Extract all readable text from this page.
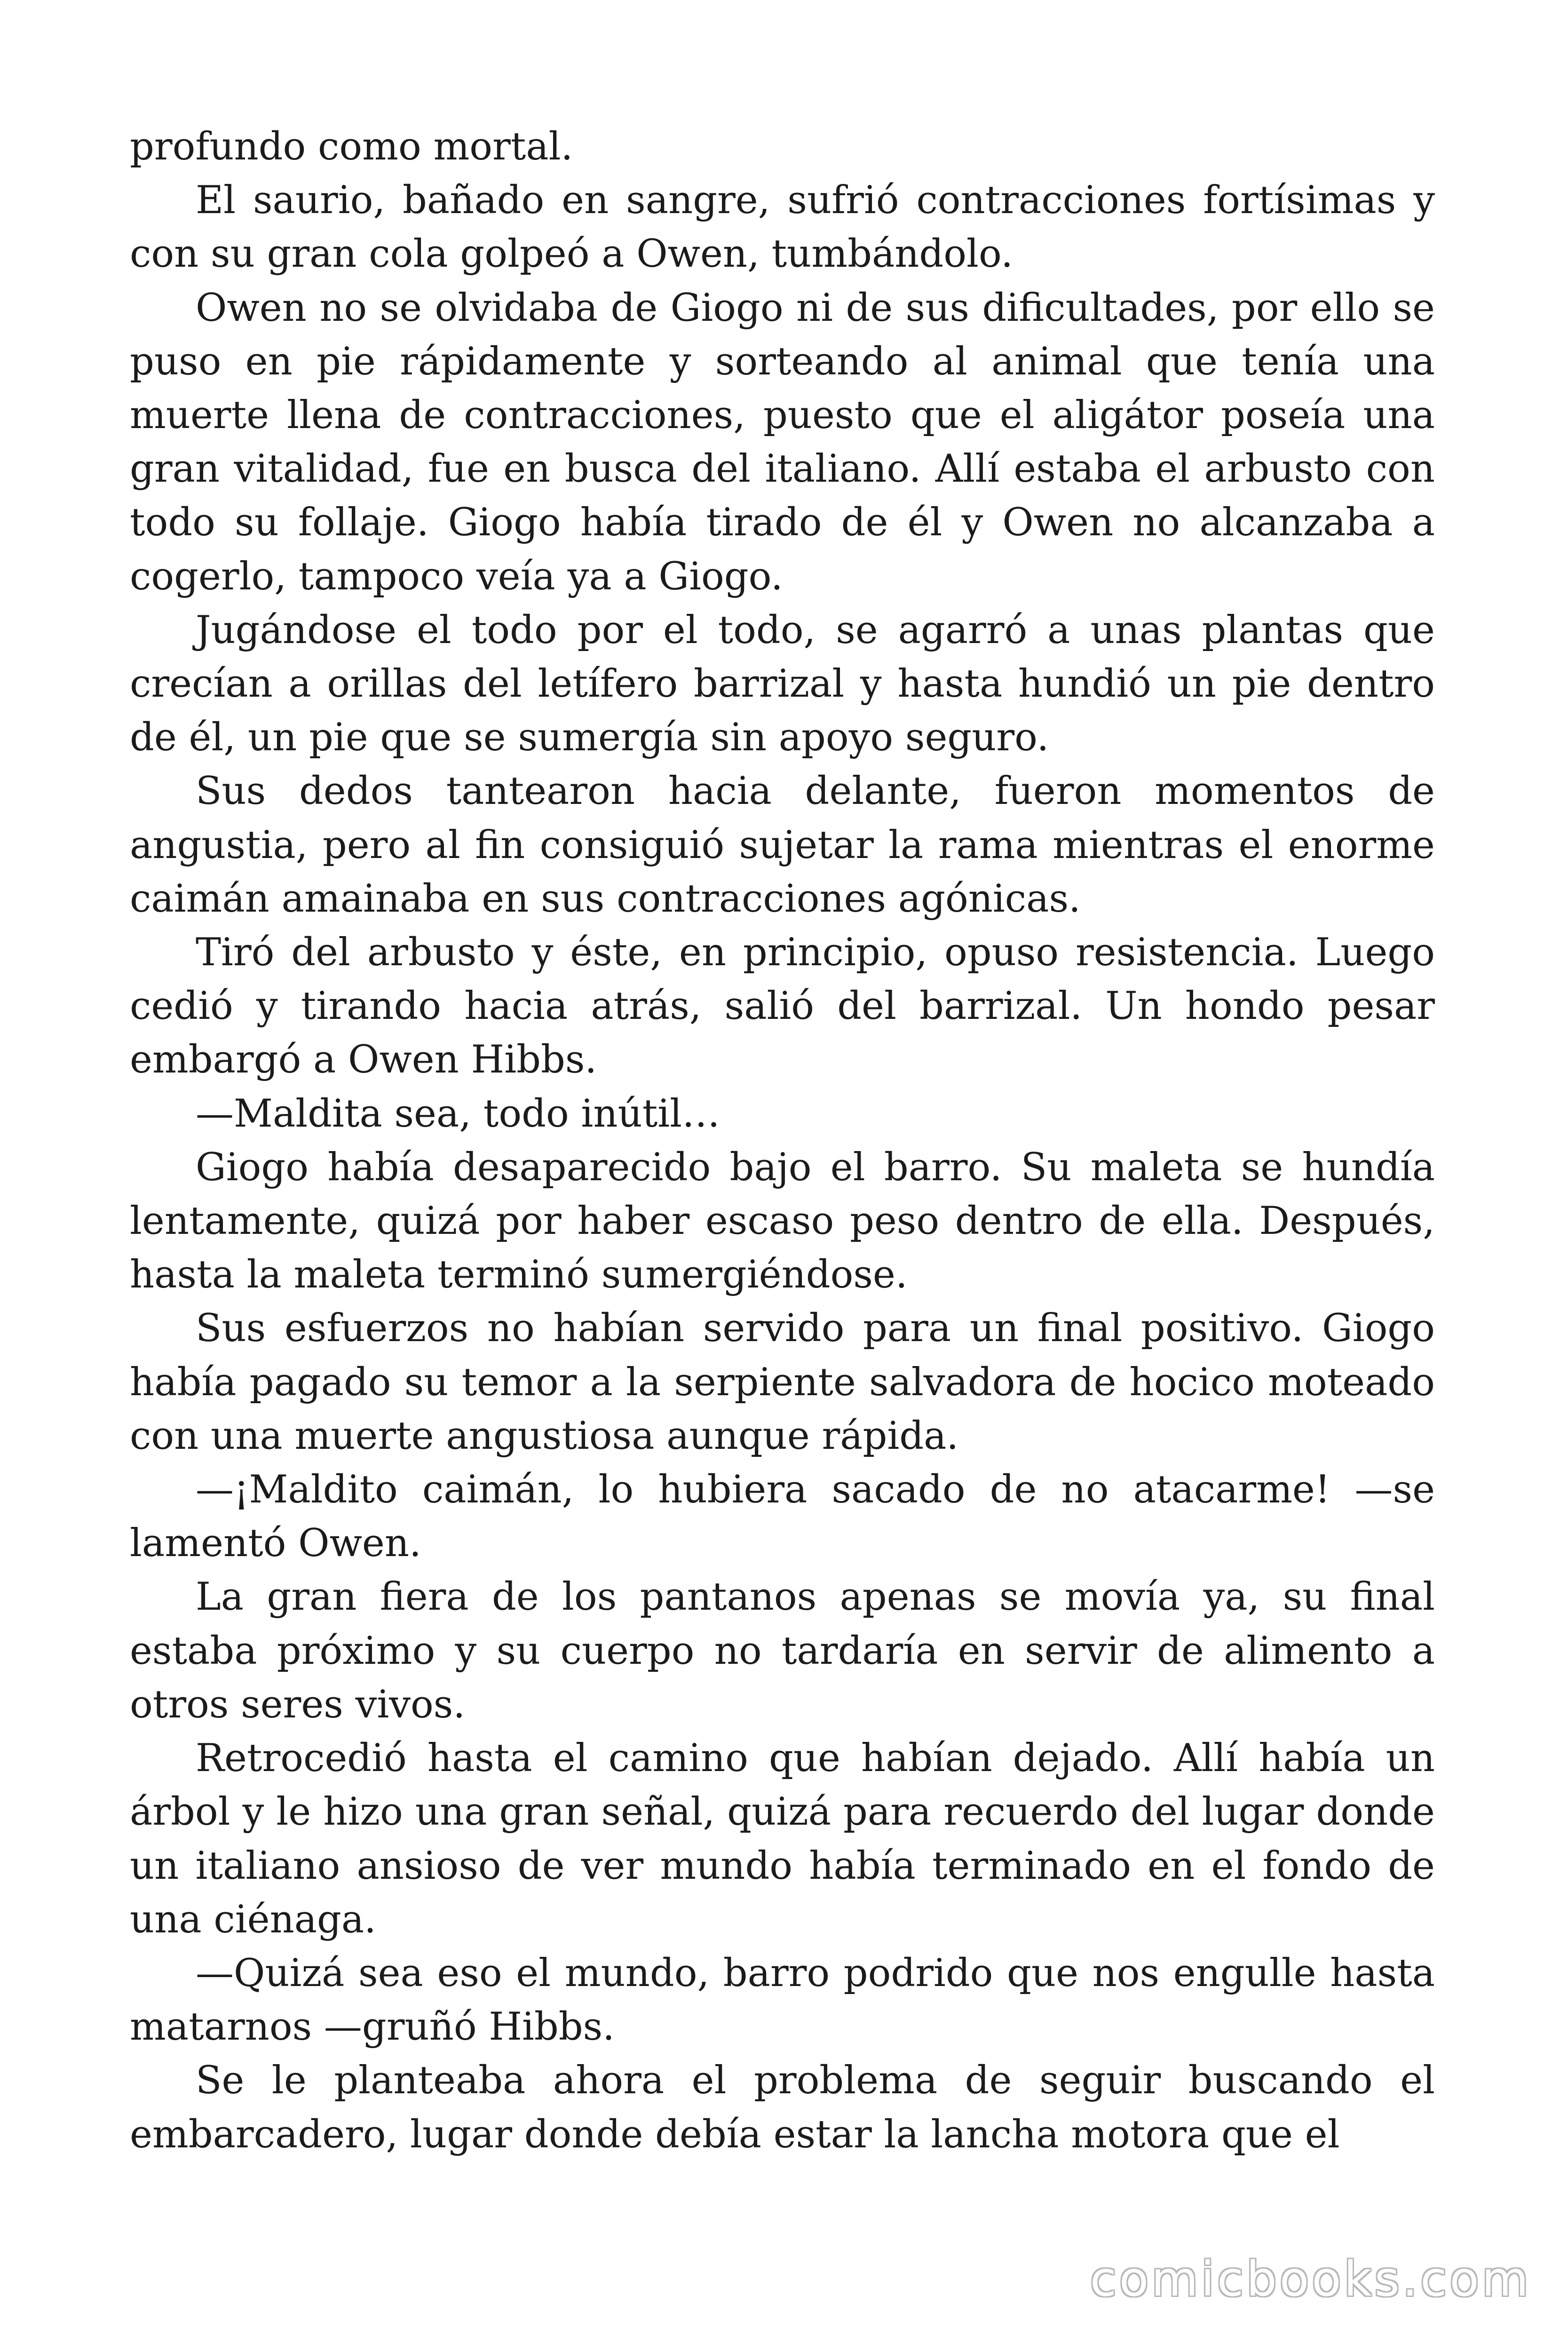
profundo como mortal.

El saurio, bañado en sangre, sufrió contracciones fortísimas y con su gran cola golpeó a Owen, tumbándolo.

Owen no se olvidaba de Giogo ni de sus dificultades, por ello se puso en pie rápidamente y sorteando al animal que tenía una muerte llena de contracciones, puesto que el aligátor poseía una gran vitalidad, fue en busca del italiano. Allí estaba el arbusto con todo su follaje. Giogo había tirado de él y Owen no alcanzaba a cogerlo, tampoco veía ya a Giogo.

Jugándose el todo por el todo, se agarró a unas plantas que crecían a orillas del letífero barrizal y hasta hundió un pie dentro de él, un pie que se sumergía sin apoyo seguro.

Sus dedos tantearon hacia delante, fueron momentos de angustia, pero al fin consiguió sujetar la rama mientras el enorme caimán amainaba en sus contracciones agónicas.

Tiró del arbusto y éste, en principio, opuso resistencia. Luego cedió y tirando hacia atrás, salió del barrizal. Un hondo pesar embargó a Owen Hibbs.

—Maldita sea, todo inútil…

Giogo había desaparecido bajo el barro. Su maleta se hundía lentamente, quizá por haber escaso peso dentro de ella. Después, hasta la maleta terminó sumergiéndose.

Sus esfuerzos no habían servido para un final positivo. Giogo había pagado su temor a la serpiente salvadora de hocico moteado con una muerte angustiosa aunque rápida.

—¡Maldito caimán, lo hubiera sacado de no atacarme! —se lamentó Owen.

La gran fiera de los pantanos apenas se movía ya, su final estaba próximo y su cuerpo no tardaría en servir de alimento a otros seres vivos.

Retrocedió hasta el camino que habían dejado. Allí había un árbol y le hizo una gran señal, quizá para recuerdo del lugar donde un italiano ansioso de ver mundo había terminado en el fondo de una ciénaga.

—Quizá sea eso el mundo, barro podrido que nos engulle hasta matarnos —gruñó Hibbs.

Se le planteaba ahora el problema de seguir buscando el embarcadero, lugar donde debía estar la lancha motora que el

comicbooks.com
